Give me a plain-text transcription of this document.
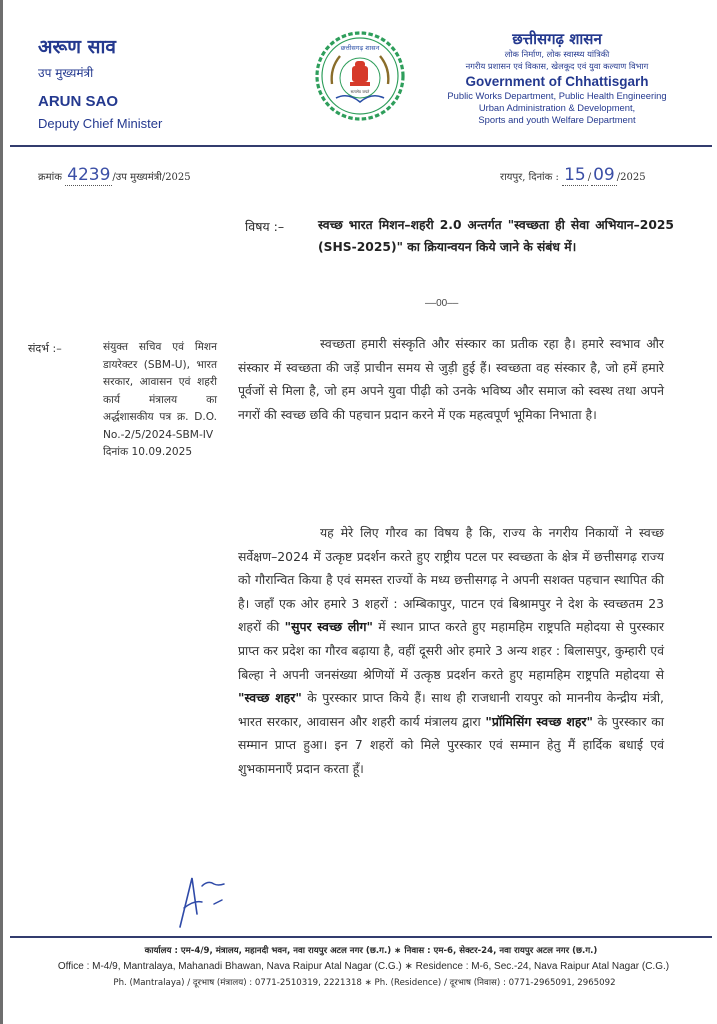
अरूण साव
उप मुख्यमंत्री
ARUN SAO
Deputy Chief Minister
छत्तीसगढ़ शासन
सत्यमेव जयते
छत्तीसगढ़ शासन
लोक निर्माण, लोक स्वास्थ्य यांत्रिकी
नगरीय प्रशासन एवं विकास, खेलकूद एवं युवा कल्याण विभाग
Government of Chhattisgarh
Public Works Department, Public Health Engineering
Urban Administration & Development,
Sports and youth Welfare Department
क्रमांक 4239 /उप मुख्यमंत्री/2025	रायपुर, दिनांक : 15 / 09 /2025
विषय :–	स्वच्छ भारत मिशन–शहरी 2.0 अन्तर्गत "स्वच्छता ही सेवा अभियान–2025 (SHS-2025)" का क्रियान्वयन किये जाने के संबंध में।
––00––
संदर्भ :–	संयुक्त सचिव एवं मिशन डायरेक्टर (SBM-U), भारत सरकार, आवासन एवं शहरी कार्य मंत्रालय का अर्द्धशासकीय पत्र क्र. D.O. No.-2/5/2024-SBM-IV दिनांक 10.09.2025
स्वच्छता हमारी संस्कृति और संस्कार का प्रतीक रहा है। हमारे स्वभाव और संस्कार में स्वच्छता की जड़ें प्राचीन समय से जुड़ी हुई हैं। स्वच्छता वह संस्कार है, जो हमें हमारे पूर्वजों से मिला है, जो हम अपने युवा पीढ़ी को उनके भविष्य और समाज को स्वस्थ तथा अपने नगरों की स्वच्छ छवि की पहचान प्रदान करने में एक महत्वपूर्ण भूमिका निभाता है।
यह मेरे लिए गौरव का विषय है कि, राज्य के नगरीय निकायों ने स्वच्छ सर्वेक्षण–2024 में उत्कृष्ट प्रदर्शन करते हुए राष्ट्रीय पटल पर स्वच्छता के क्षेत्र में छत्तीसगढ़ राज्य को गौरान्वित किया है एवं समस्त राज्यों के मध्य छत्तीसगढ़ ने अपनी सशक्त पहचान स्थापित की है। जहाँ एक ओर हमारे 3 शहरों : अम्बिकापुर, पाटन एवं बिश्रामपुर ने देश के स्वच्छतम 23 शहरों की "सुपर स्वच्छ लीग" में स्थान प्राप्त करते हुए महामहिम राष्ट्रपति महोदया से पुरस्कार प्राप्त कर प्रदेश का गौरव बढ़ाया है, वहीं दूसरी ओर हमारे 3 अन्य शहर : बिलासपुर, कुम्हारी एवं बिल्हा ने अपनी जनसंख्या श्रेणियों में उत्कृष्ठ प्रदर्शन करते हुए महामहिम राष्ट्रपति महोदया से "स्वच्छ शहर" के पुरस्कार प्राप्त किये हैं। साथ ही राजधानी रायपुर को माननीय केन्द्रीय मंत्री, भारत सरकार, आवासन और शहरी कार्य मंत्रालय द्वारा "प्रॉमिसिंग स्वच्छ शहर" के पुरस्कार का सम्मान प्राप्त हुआ। इन 7 शहरों को मिले पुरस्कार एवं सम्मान हेतु मैं हार्दिक बधाई एवं शुभकामनाएँ प्रदान करता हूँ।
कार्यालय : एम-4/9, मंत्रालय, महानदी भवन, नवा रायपुर अटल नगर (छ.ग.) ∗ निवास : एम-6, सेक्टर-24, नवा रायपुर अटल नगर (छ.ग.)
Office : M-4/9, Mantralaya, Mahanadi Bhawan, Nava Raipur Atal Nagar (C.G.) ∗ Residence : M-6, Sec.-24, Nava Raipur Atal Nagar (C.G.)
Ph. (Mantralaya) / दूरभाष (मंत्रालय) : 0771-2510319, 2221318 ∗ Ph. (Residence) / दूरभाष (निवास) : 0771-2965091, 2965092
